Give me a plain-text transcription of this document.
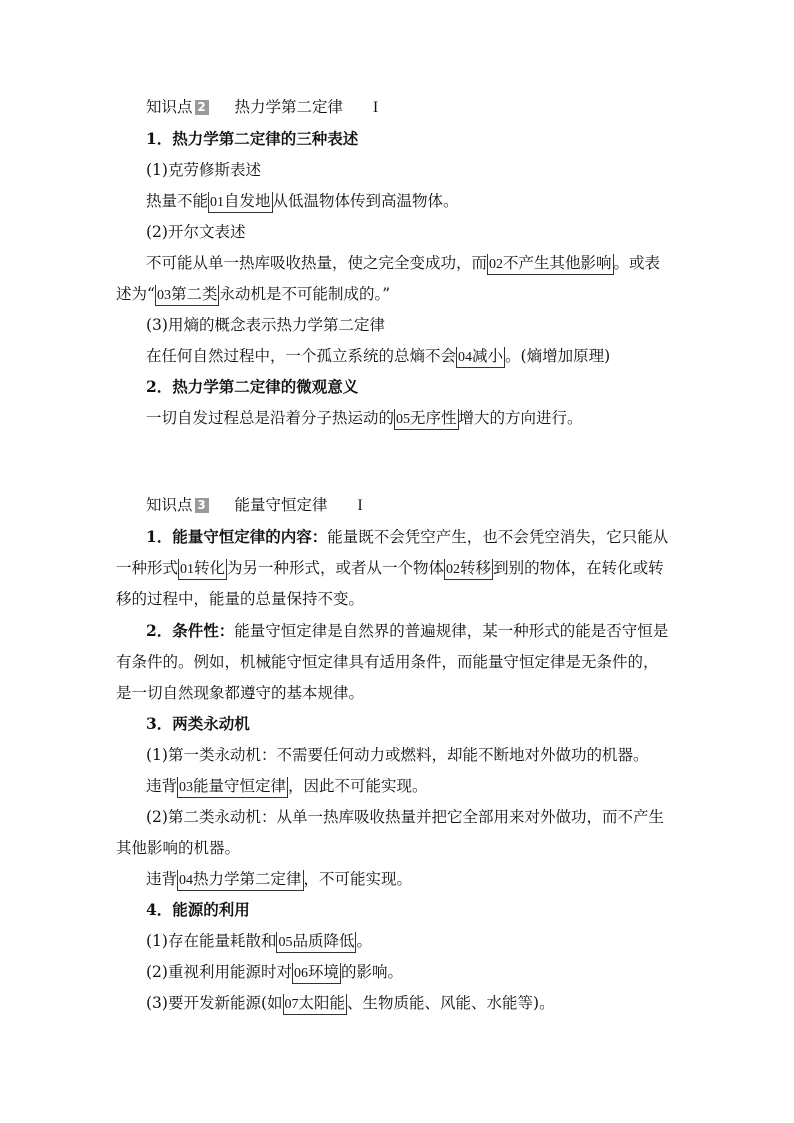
知识点 2 热力学第二定律 I
1．热力学第二定律的三种表述
(1)克劳修斯表述
热量不能 01自发地 从低温物体传到高温物体。
(2)开尔文表述
不可能从单一热库吸收热量，使之完全变成功，而 02不产生其他影响 。或表
述为“ 03第二类 永动机是不可能制成的。”
(3)用熵的概念表示热力学第二定律
在任何自然过程中，一个孤立系统的总熵不会 04减小 。(熵增加原理)
2．热力学第二定律的微观意义
一切自发过程总是沿着分子热运动的 05无序性 增大的方向进行。
知识点 3 能量守恒定律 I
1．能量守恒定律的内容：能量既不会凭空产生，也不会凭空消失，它只能从
一种形式 01转化 为另一种形式，或者从一个物体 02转移 到别的物体，在转化或转
移的过程中，能量的总量保持不变。
2．条件性：能量守恒定律是自然界的普遍规律，某一种形式的能是否守恒是
有条件的。例如，机械能守恒定律具有适用条件，而能量守恒定律是无条件的，
是一切自然现象都遵守的基本规律。
3．两类永动机
(1)第一类永动机：不需要任何动力或燃料，却能不断地对外做功的机器。
违背 03能量守恒定律 ，因此不可能实现。
(2)第二类永动机：从单一热库吸收热量并把它全部用来对外做功，而不产生
其他影响的机器。
违背 04热力学第二定律 ，不可能实现。
4．能源的利用
(1)存在能量耗散和 05品质降低 。
(2)重视利用能源时对 06环境 的影响。
(3)要开发新能源(如 07太阳能 、生物质能、风能、水能等)。
